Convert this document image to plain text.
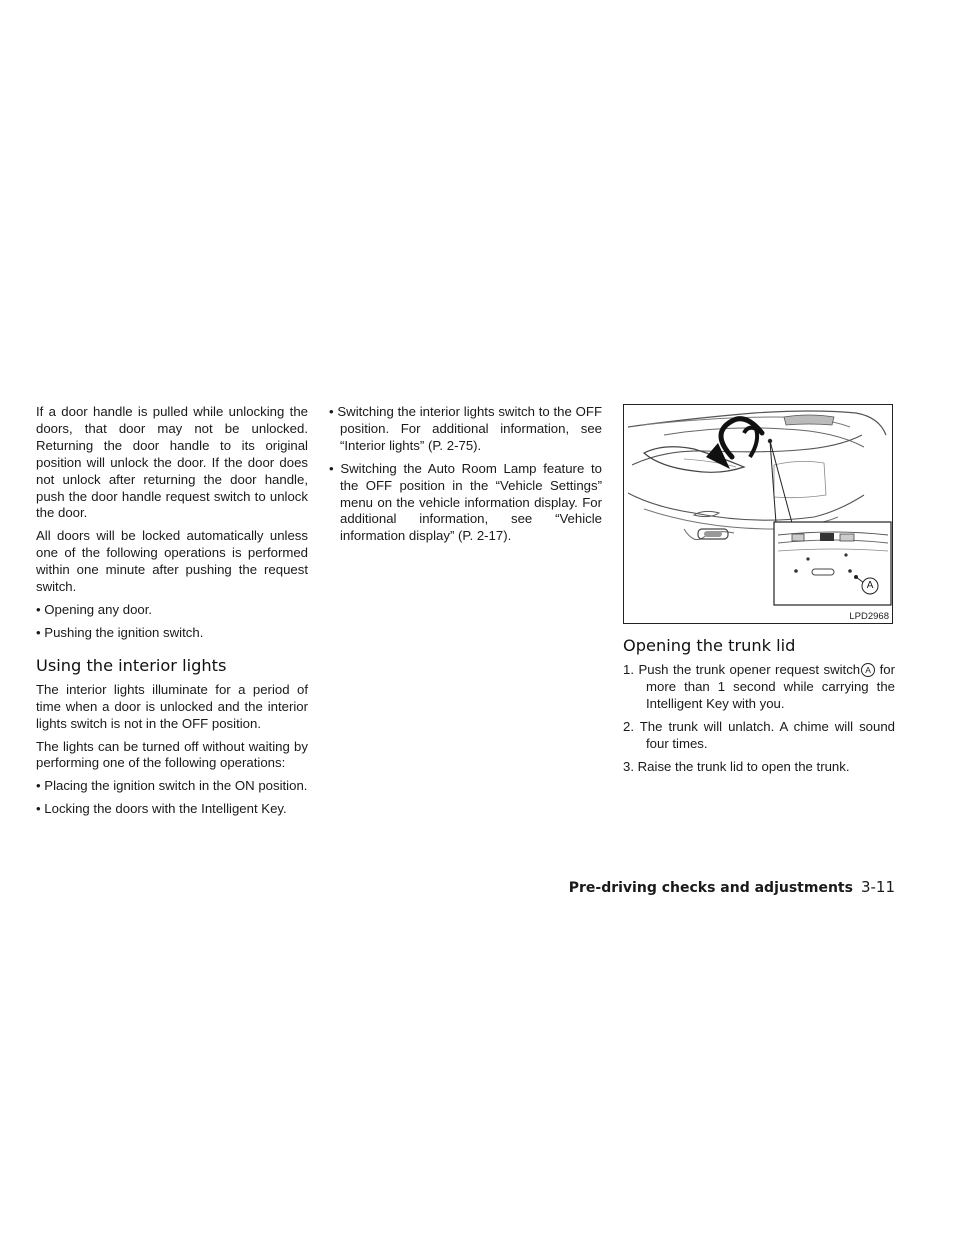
If a door handle is pulled while unlocking the doors, that door may not be unlocked. Returning the door handle to its original position will unlock the door. If the door does not unlock after returning the door handle, push the door handle request switch to unlock the door.

All doors will be locked automatically unless one of the following operations is performed within one minute after pushing the request switch.

• Opening any door.
• Pushing the ignition switch.
Using the interior lights

The interior lights illuminate for a period of time when a door is unlocked and the interior lights switch is not in the OFF position.

The lights can be turned off without waiting by performing one of the following operations:

• Placing the ignition switch in the ON position.
• Locking the doors with the Intelligent Key.
• Switching the interior lights switch to the OFF position. For additional information, see “Interior lights” (P. 2-75).
• Switching the Auto Room Lamp feature to the OFF position in the “Vehicle Settings” menu on the vehicle information display. For additional information, see “Vehicle information display” (P. 2-17).
A
LPD2968
Opening the trunk lid
1. Push the trunk opener request switch A for more than 1 second while carrying the Intelligent Key with you.
2. The trunk will unlatch. A chime will sound four times.
3. Raise the trunk lid to open the trunk.
Pre-driving checks and adjustments 3-11
